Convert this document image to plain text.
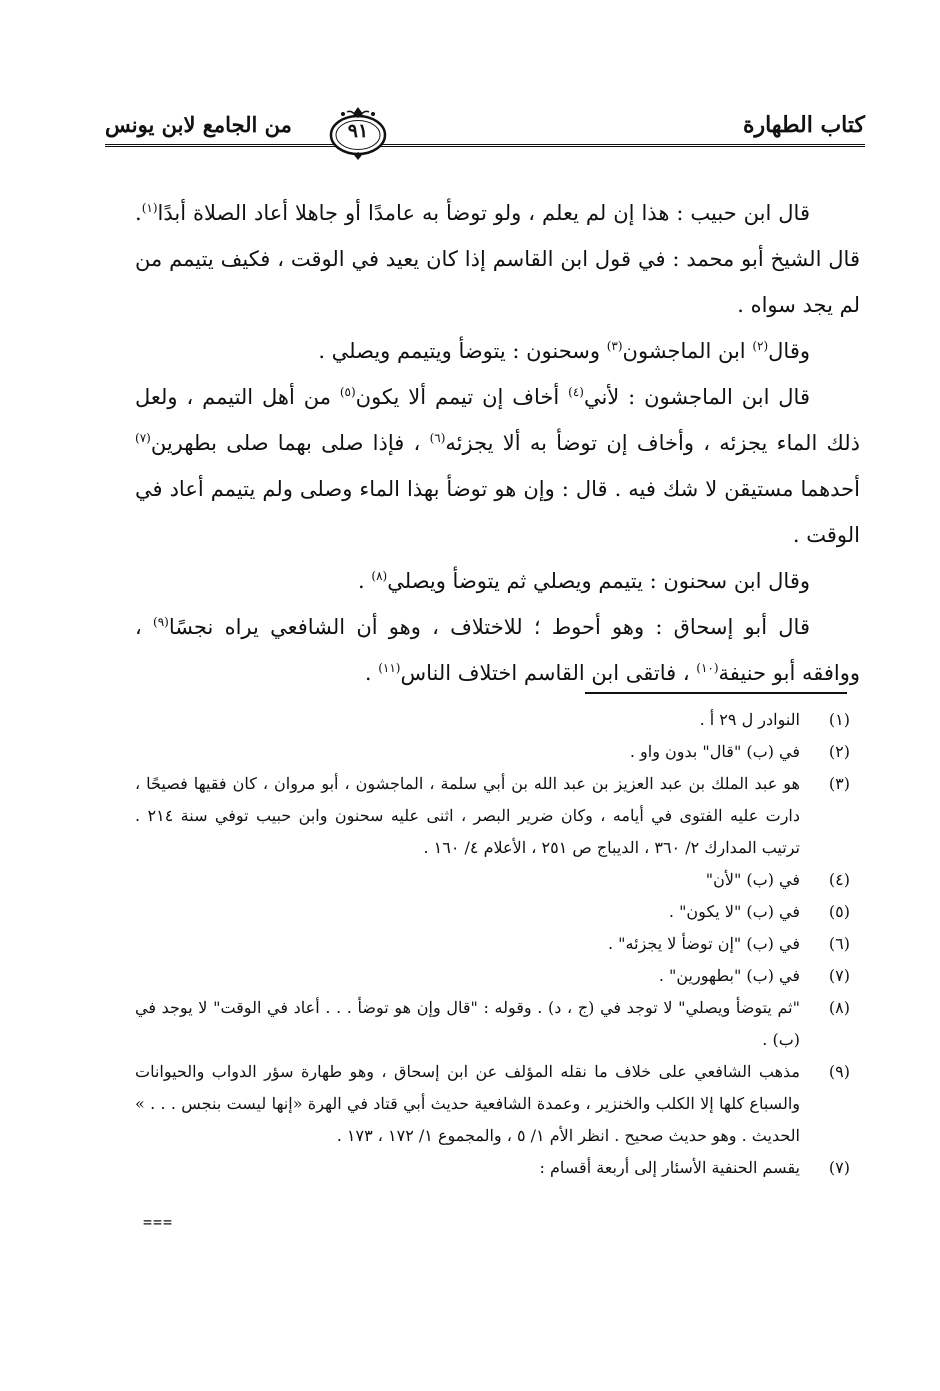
كتاب الطهارة
٩١
من الجامع لابن يونس

قال ابن حبيب : هذا إن لم يعلم ، ولو توضأ به عامدًا أو جاهلا أعاد الصلاة أبدًا$^{(١)}$. قال الشيخ أبو محمد : في قول ابن القاسم إذا كان يعيد في الوقت ، فكيف يتيمم من لم يجد سواه .

وقال$^{(٢)}$ ابن الماجشون$^{(٣)}$ وسحنون : يتوضأ ويتيمم ويصلي .

قال ابن الماجشون : لأني$^{(٤)}$ أخاف إن تيمم ألا يكون$^{(٥)}$ من أهل التيمم ، ولعل ذلك الماء يجزئه ، وأخاف إن توضأ به ألا يجزئه$^{(٦)}$ ، فإذا صلى بهما صلى بطهرين$^{(٧)}$ أحدهما مستيقن لا شك فيه . قال : وإن هو توضأ بهذا الماء وصلى ولم يتيمم أعاد في الوقت .

وقال ابن سحنون : يتيمم ويصلي ثم يتوضأ ويصلي$^{(٨)}$ .

قال أبو إسحاق : وهو أحوط ؛ للاختلاف ، وهو أن الشافعي يراه نجسًا$^{(٩)}$ ، ووافقه أبو حنيفة$^{(١٠)}$ ، فاتقى ابن القاسم اختلاف الناس$^{(١١)}$ .

(١)
النوادر ل ٢٩ أ .
(٢)
في (ب) "قال" بدون واو .
(٣)
هو عبد الملك بن عبد العزيز بن عبد الله بن أبي سلمة ، الماجشون ، أبو مروان ، كان فقيها فصيحًا ، دارت عليه الفتوى في أيامه ، وكان ضرير البصر ، اثنى عليه سحنون وابن حبيب توفي سنة ٢١٤ . ترتيب المدارك ٢/ ٣٦٠ ، الديباج ص ٢٥١ ، الأعلام ٤/ ١٦٠ .
(٤)
في (ب) "لأن"
(٥)
في (ب) "لا يكون" .
(٦)
في (ب) "إن توضأ لا يجزئه" .
(٧)
في (ب) "بطهورين" .
(٨)
"ثم يتوضأ ويصلي" لا توجد في (ج ، د) . وقوله : "قال وإن هو توضأ . . . أعاد في الوقت" لا يوجد في (ب) .
(٩)
مذهب الشافعي على خلاف ما نقله المؤلف عن ابن إسحاق ، وهو طهارة سؤر الدواب والحيوانات والسباع كلها إلا الكلب والخنزير ، وعمدة الشافعية حديث أبي قتاد في الهرة «إنها ليست بنجس . . . » الحديث . وهو حديث صحيح . انظر الأم ١/ ٥ ، والمجموع ١/ ١٧٢ ، ١٧٣ .
(٧)
يقسم الحنفية الأسئار إلى أربعة أقسام :
===
